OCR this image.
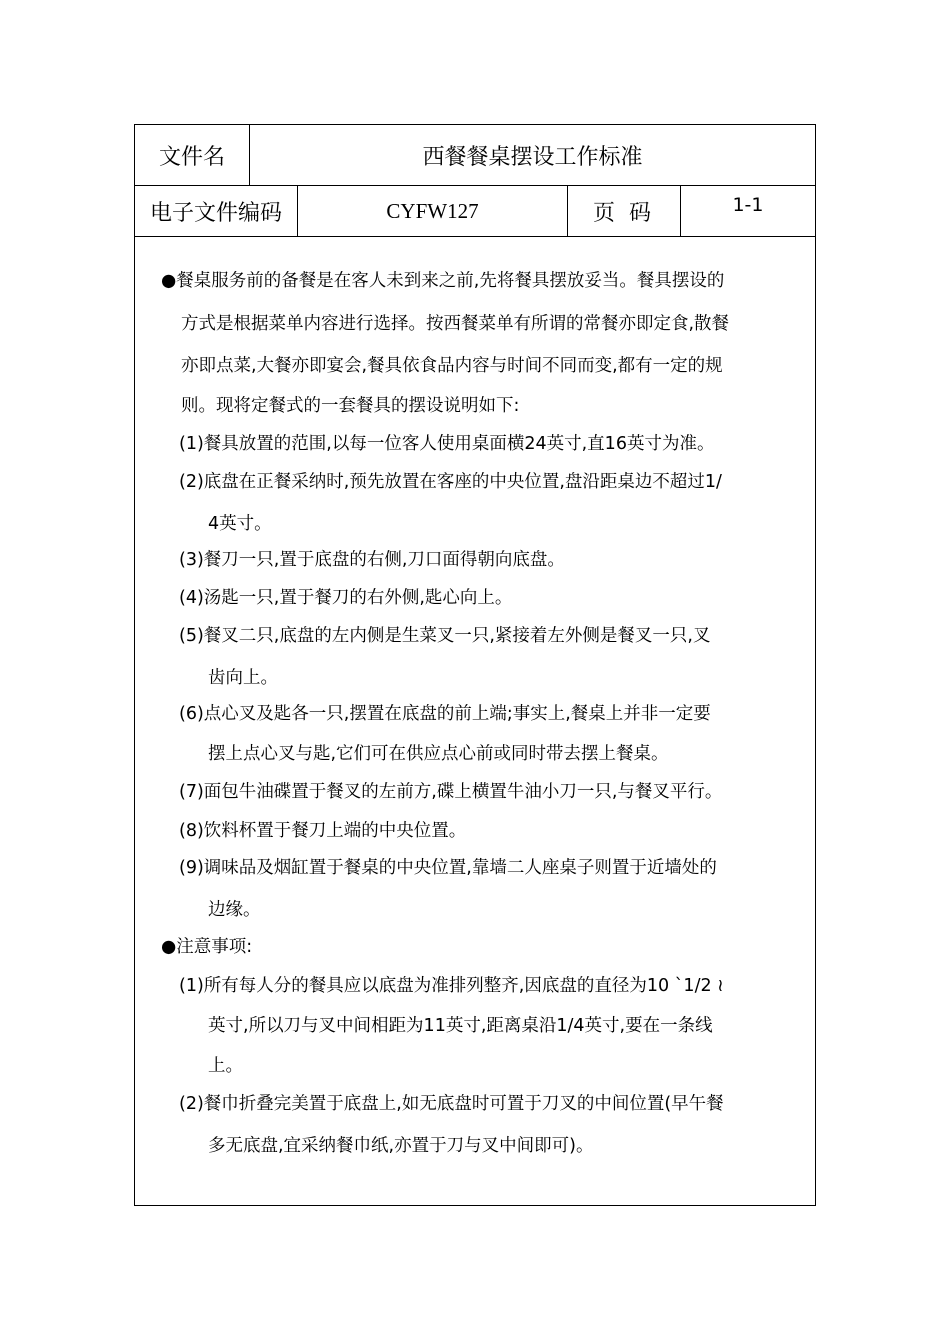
文件名	西餐餐桌摆设工作标准
电子文件编码	CYFW127	页码	1-1
●餐桌服务前的备餐是在客人未到来之前,先将餐具摆放妥当。餐具摆设的
方式是根据菜单内容进行选择。按西餐菜单有所谓的常餐亦即定食,散餐
亦即点菜,大餐亦即宴会,餐具依食品内容与时间不同而变,都有一定的规
则。现将定餐式的一套餐具的摆设说明如下:
(1)餐具放置的范围,以每一位客人使用桌面横24英寸,直16英寸为准。
(2)底盘在正餐采纳时,预先放置在客座的中央位置,盘沿距桌边不超过1/
4英寸。
(3)餐刀一只,置于底盘的右侧,刀口面得朝向底盘。
(4)汤匙一只,置于餐刀的右外侧,匙心向上。
(5)餐叉二只,底盘的左内侧是生菜叉一只,紧接着左外侧是餐叉一只,叉
齿向上。
(6)点心叉及匙各一只,摆置在底盘的前上端;事实上,餐桌上并非一定要
摆上点心叉与匙,它们可在供应点心前或同时带去摆上餐桌。
(7)面包牛油碟置于餐叉的左前方,碟上横置牛油小刀一只,与餐叉平行。
(8)饮料杯置于餐刀上端的中央位置。
(9)调味品及烟缸置于餐桌的中央位置,靠墙二人座桌子则置于近墙处的
边缘。
●注意事项:
(1)所有每人分的餐具应以底盘为准排列整齐,因底盘的直径为10 `1/2 ≀
英寸,所以刀与叉中间相距为11英寸,距离桌沿1/4英寸,要在一条线
上。
(2)餐巾折叠完美置于底盘上,如无底盘时可置于刀叉的中间位置(早午餐
多无底盘,宜采纳餐巾纸,亦置于刀与叉中间即可)。
